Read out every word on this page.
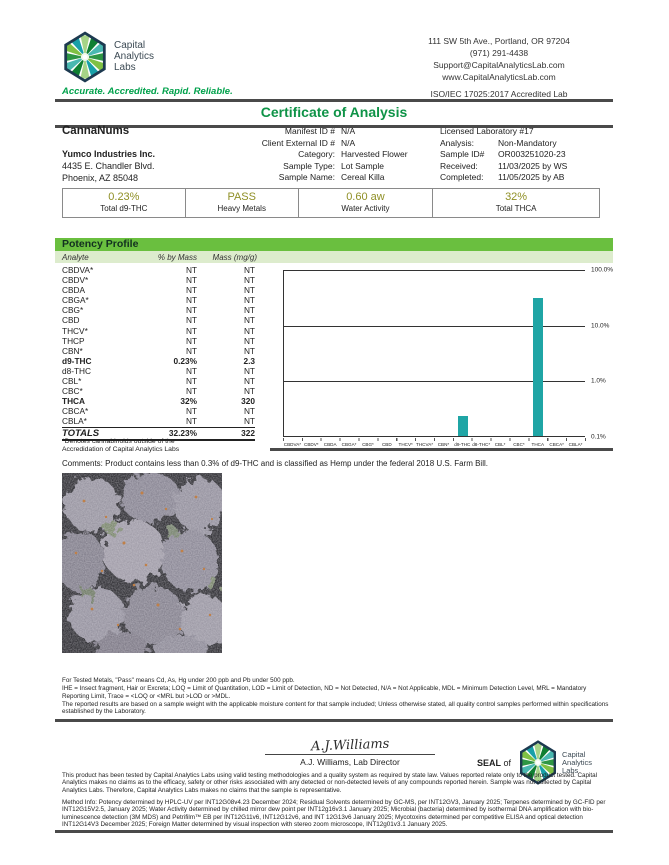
Capital
Analytics
Labs
Accurate. Accredited. Rapid. Reliable.
111 SW 5th Ave., Portland, OR 97204
(971) 291-4438
Support@CapitalAnalyticsLab.com
www.CapitalAnalyticsLab.com
ISO/IEC 17025:2017 Accredited Lab
Certificate of Analysis
CannaNums
Yumco Industries Inc.
4435 E. Chandler Blvd.
Phoenix, AZ 85048
Manifest ID # N/A
Client External ID # N/A
Category: Harvested Flower
Sample Type: Lot Sample
Sample Name: Cereal Killa
Licensed Laboratory #17
Analysis:	Non-Mandatory
Sample ID#	OR003251020-23
Received:	11/03/2025 by WS
Completed:	11/05/2025 by AB
0.23%
Total d9-THC
PASS
Heavy Metals
0.60 aw
Water Activity
32%
Total THCA
Potency Profile
Analyte	% by Mass	Mass (mg/g)
CBDVA*	NT	NT
CBDV*	NT	NT
CBDA	NT	NT
CBGA*	NT	NT
CBG*	NT	NT
CBD	NT	NT
THCV*	NT	NT
THCP	NT	NT
CBN*	NT	NT
d9-THC	0.23%	2.3
d8-THC	NT	NT
CBL*	NT	NT
CBC*	NT	NT
THCA	32%	320
CBCA*	NT	NT
CBLA*	NT	NT
TOTALS	32.23%	322
*Denotes cannabinoids outside of the Accredidation of Capital Analytics Labs
CBDVA* CBDV*	CBDA	CBGA*	CBG*	CBD	THCV* THCVA*	CBN*	d9-THC d8-THC* CBL*	CBC*	THCA	CBCA*	CBLA*
100.0%
10.0%
1.0%
0.1%
Comments: Product contains less than 0.3% of d9-THC and is classified as Hemp under the federal 2018 U.S. Farm Bill.

For Tested Metals, "Pass" means Cd, As, Hg under 200 ppb and Pb under 500 ppb.

IHE = Insect fragment, Hair or Excreta; LOQ = Limit of Quantitation, LOD = Limit of Detection, ND = Not Detected, N/A = Not Applicable, MDL = Minimum Detection Level, MRL = Mandatory Reporting Limit, Trace = <LOQ or <MRL but >LOD or >MDL.

The reported results are based on a sample weight with the applicable moisture content for that sample included; Unless otherwise stated, all quality control samples performed within specifications established by the Laboratory.

A.J.Williams
A.J. Williams, Lab Director	SEAL of
Capital
Analytics
Labs
This product has been tested by Capital Analytics Labs using valid testing methodologies and a quality system as required by state law. Values reported relate only to the product tested. Capital Analytics makes no claims as to the efficacy, safety or other risks associated with any detected or non-detected levels of any compounds reported herein. Sample was not collected by Capital Analytics Labs. Therefore, Capital Analytics Labs makes no claims that the sample is representative.
Method Info: Potency determined by HPLC-UV per INT12G08v4.23 December 2024; Residual Solvents determined by GC-MS, per INT12GV3, January 2025; Terpenes determined by GC-FID per INT12G15V2.5, January 2025; Water Activity determined by chilled mirror dew point per INT12g16v3.1 January 2025; Microbial (bacteria) determined by isothermal DNA amplification with bio-luminescence detection (3M MDS) and Petrifilm™ EB per INT12G11v6, INT12G12v6, and INT 12G13v6 January 2025; Mycotoxins determined per competitive ELISA and optical detection INT12G14V3 December 2025; Foreign Matter determined by visual inspection with stereo zoom microscope, INT12g01v3.1 January 2025.
